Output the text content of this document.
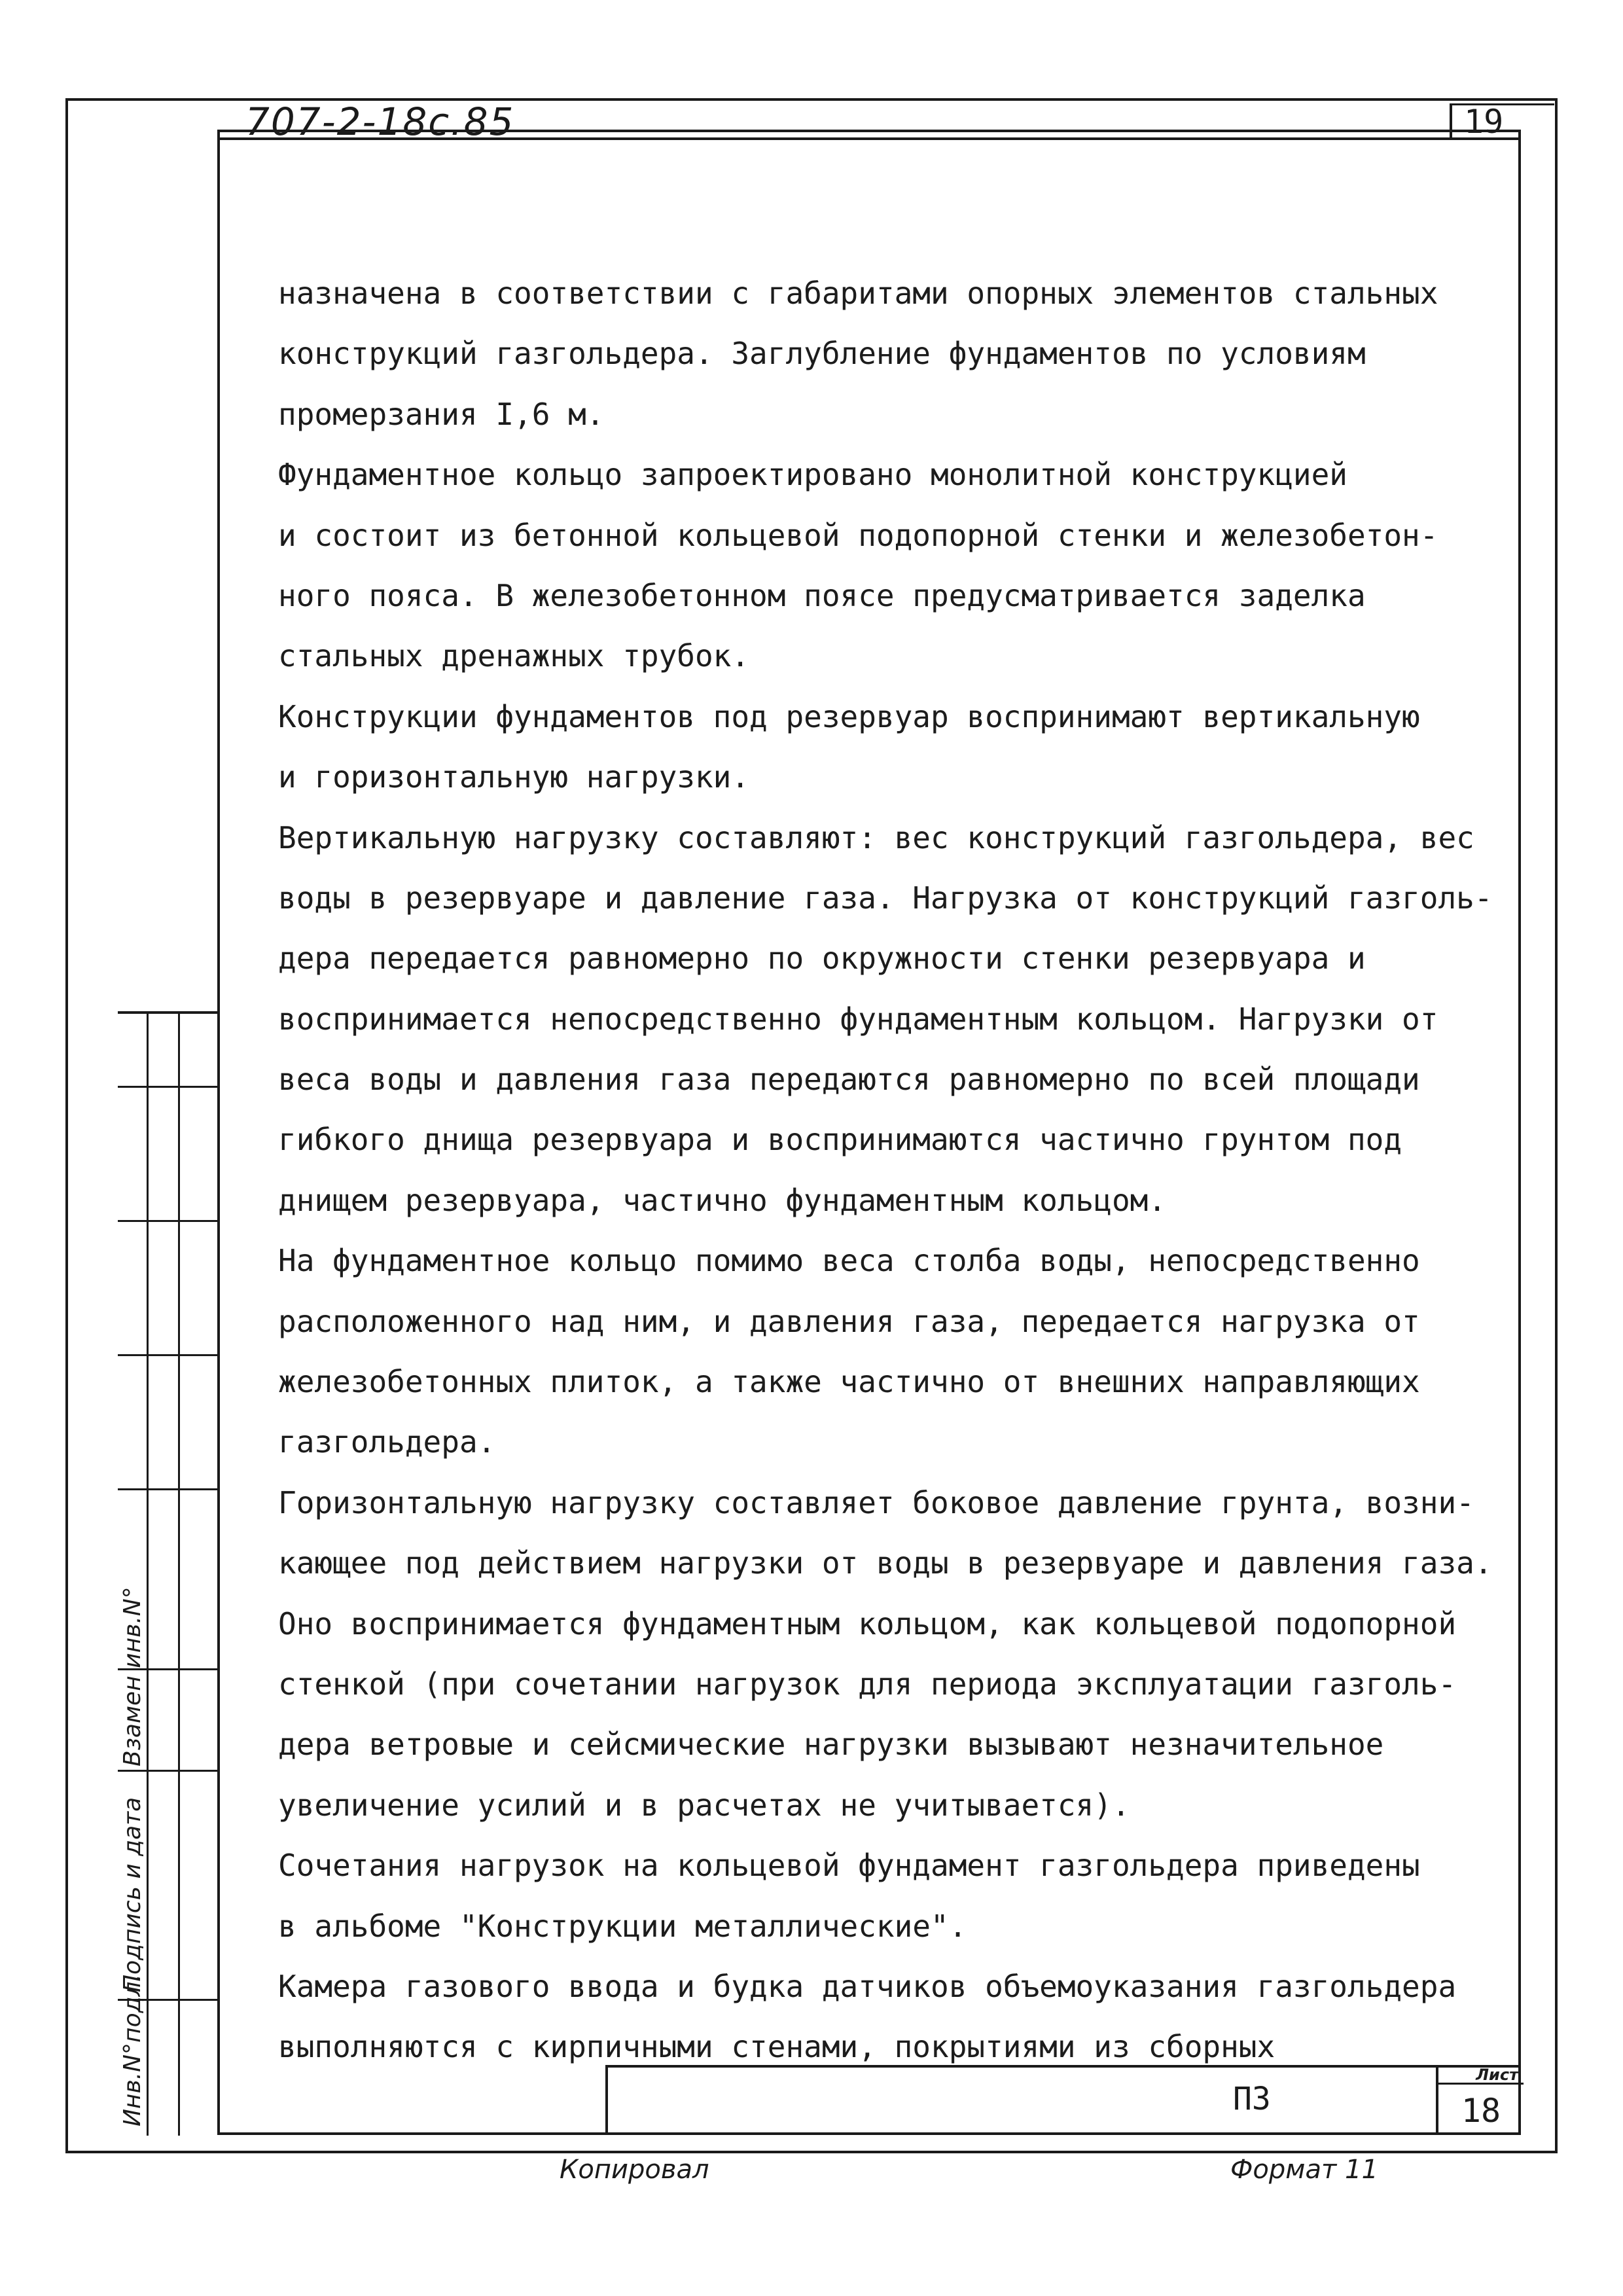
707-2-18с.85	19
назначена в соответствии с габаритами опорных элементов стальных
конструкций газгольдера. Заглубление фундаментов по условиям
промерзания I,6 м.
Фундаментное кольцо запроектировано монолитной конструкцией
и состоит из бетонной кольцевой подопорной стенки и железобетон-
ного пояса. В железобетонном поясе предусматривается заделка
стальных дренажных трубок.
Конструкции фундаментов под резервуар воспринимают вертикальную
и горизонтальную нагрузки.
Вертикальную нагрузку составляют: вес конструкций газгольдера, вес
воды в резервуаре и давление газа. Нагрузка от конструкций газголь-
дера передается равномерно по окружности стенки резервуара и
воспринимается непосредственно фундаментным кольцом. Нагрузки от
веса воды и давления газа передаются равномерно по всей площади
гибкого днища резервуара и воспринимаются частично грунтом под
днищем резервуара, частично фундаментным кольцом.
На фундаментное кольцо помимо веса столба воды, непосредственно
расположенного над ним, и давления газа, передается нагрузка от
железобетонных плиток, а также частично от внешних направляющих
газгольдера.
Горизонтальную нагрузку составляет боковое давление грунта, возни-
кающее под действием нагрузки от воды в резервуаре и давления газа.
Оно воспринимается фундаментным кольцом, как кольцевой подопорной
стенкой (при сочетании нагрузок для периода эксплуатации газголь-
дера ветровые и сейсмические нагрузки вызывают незначительное
увеличение усилий и в расчетах не учитывается).
Сочетания нагрузок на кольцевой фундамент газгольдера приведены
в альбоме "Конструкции металлические".
Камера газового ввода и будка датчиков объемоуказания газгольдера
выполняются с кирпичными стенами, покрытиями из сборных
Инв.N°подл.
Подпись и дата
Взамен инв.N°
ПЗ
Лист
18
Копировал	Формат 11
